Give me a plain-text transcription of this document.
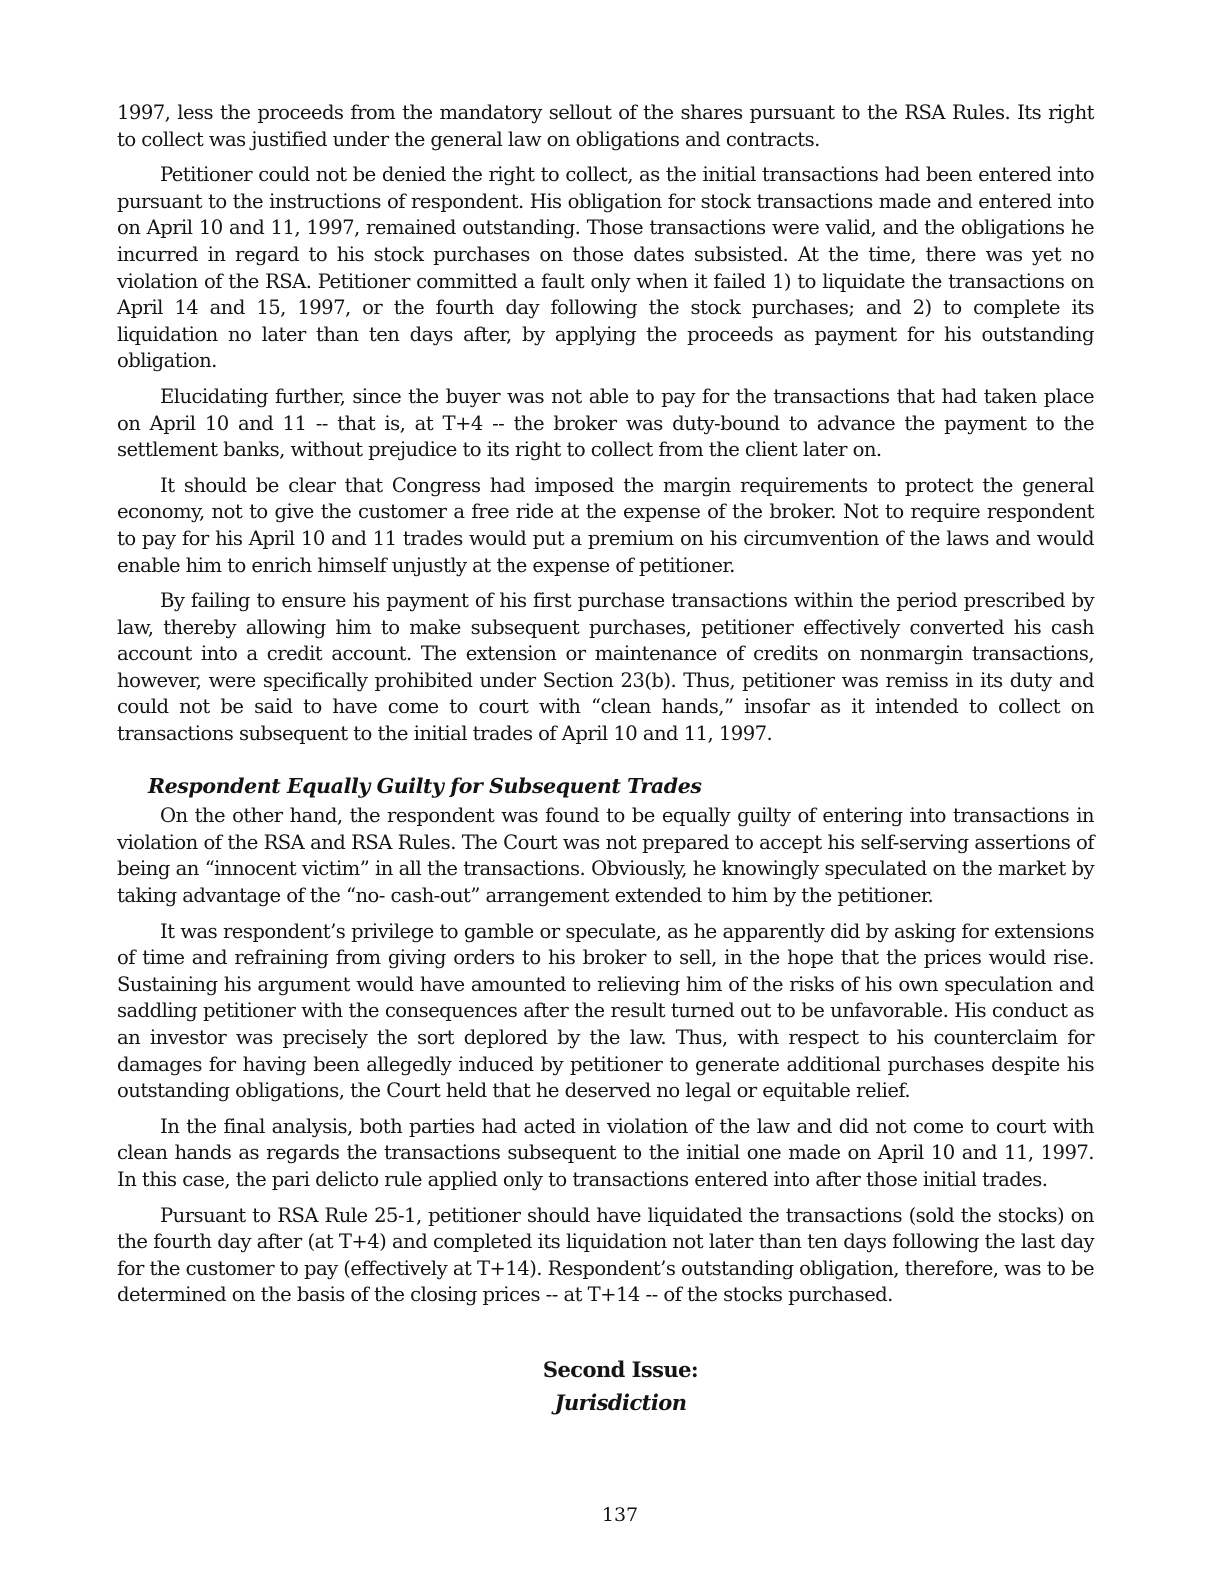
1997, less the proceeds from the mandatory sellout of the shares pursuant to the RSA Rules. Its right to collect was justified under the general law on obligations and contracts.

Petitioner could not be denied the right to collect, as the initial transactions had been entered into pursuant to the instructions of respondent. His obligation for stock transactions made and entered into on April 10 and 11, 1997, remained outstanding. Those transactions were valid, and the obligations he incurred in regard to his stock purchases on those dates subsisted. At the time, there was yet no violation of the RSA. Petitioner committed a fault only when it failed 1) to liquidate the transactions on April 14 and 15, 1997, or the fourth day following the stock purchases; and 2) to complete its liquidation no later than ten days after, by applying the proceeds as payment for his outstanding obligation.

Elucidating further, since the buyer was not able to pay for the transactions that had taken place on April 10 and 11 -- that is, at T+4 -- the broker was duty-bound to advance the payment to the settlement banks, without prejudice to its right to collect from the client later on.

It should be clear that Congress had imposed the margin requirements to protect the general economy, not to give the customer a free ride at the expense of the broker. Not to require respondent to pay for his April 10 and 11 trades would put a premium on his circumvention of the laws and would enable him to enrich himself unjustly at the expense of petitioner.

By failing to ensure his payment of his first purchase transactions within the period prescribed by law, thereby allowing him to make subsequent purchases, petitioner effectively converted his cash account into a credit account. The extension or maintenance of credits on nonmargin transactions, however, were specifically prohibited under Section 23(b). Thus, petitioner was remiss in its duty and could not be said to have come to court with “clean hands,” insofar as it intended to collect on transactions subsequent to the initial trades of April 10 and 11, 1997.

Respondent Equally Guilty for Subsequent Trades

On the other hand, the respondent was found to be equally guilty of entering into transactions in violation of the RSA and RSA Rules. The Court was not prepared to accept his self-serving assertions of being an “innocent victim” in all the transactions. Obviously, he knowingly speculated on the market by taking advantage of the “no- cash-out” arrangement extended to him by the petitioner.

It was respondent’s privilege to gamble or speculate, as he apparently did by asking for extensions of time and refraining from giving orders to his broker to sell, in the hope that the prices would rise. Sustaining his argument would have amounted to relieving him of the risks of his own speculation and saddling petitioner with the consequences after the result turned out to be unfavorable. His conduct as an investor was precisely the sort deplored by the law. Thus, with respect to his counterclaim for damages for having been allegedly induced by petitioner to generate additional purchases despite his outstanding obligations, the Court held that he deserved no legal or equitable relief.

In the final analysis, both parties had acted in violation of the law and did not come to court with clean hands as regards the transactions subsequent to the initial one made on April 10 and 11, 1997. In this case, the pari delicto rule applied only to transactions entered into after those initial trades.

Pursuant to RSA Rule 25-1, petitioner should have liquidated the transactions (sold the stocks) on the fourth day after (at T+4) and completed its liquidation not later than ten days following the last day for the customer to pay (effectively at T+14). Respondent’s outstanding obligation, therefore, was to be determined on the basis of the closing prices -- at T+14 -- of the stocks purchased.

Second Issue:
Jurisdiction
137
